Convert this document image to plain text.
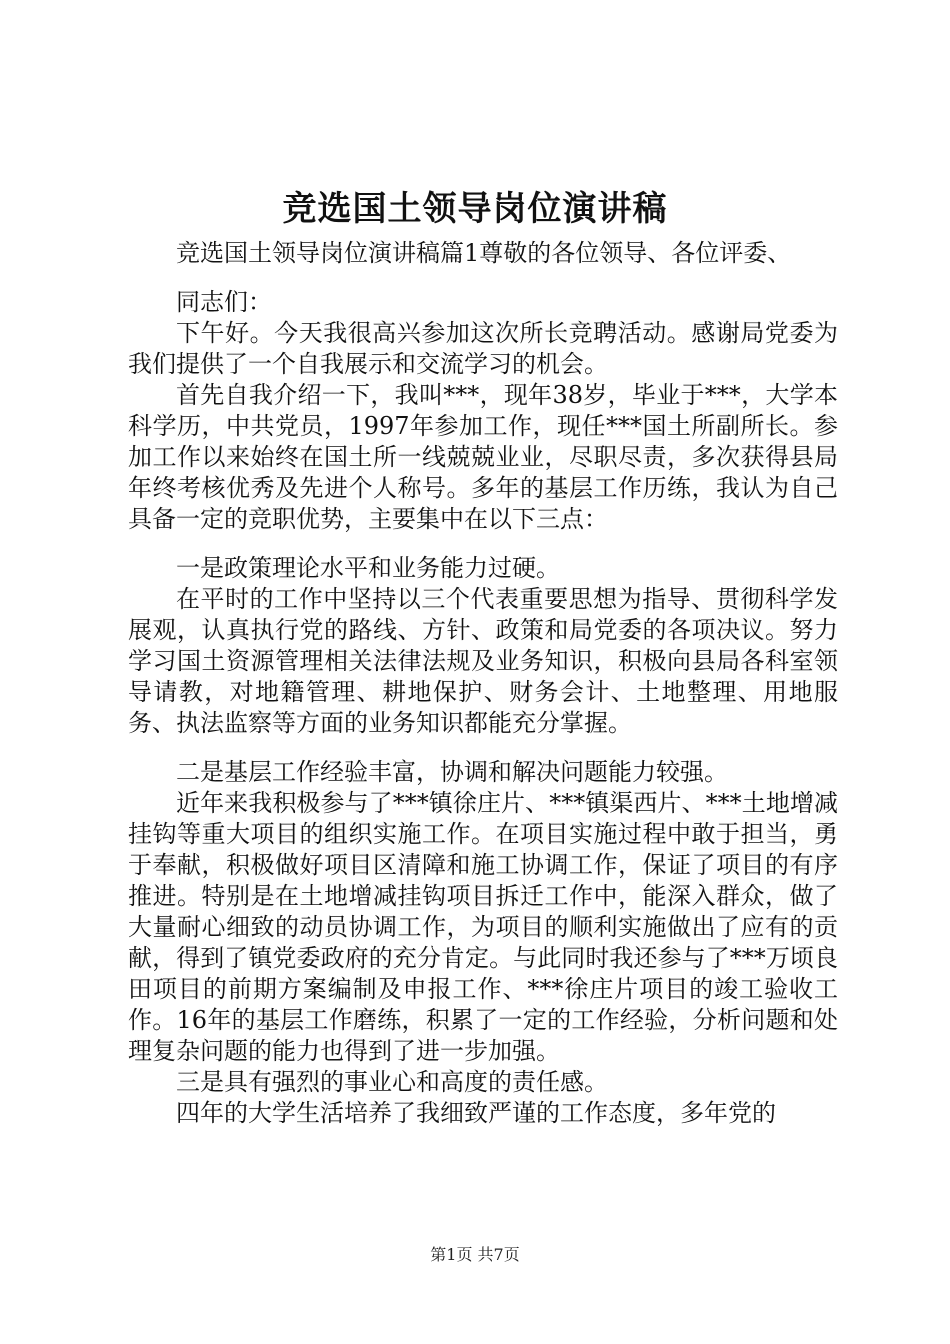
竞选国土领导岗位演讲稿

竞选国土领导岗位演讲稿篇1尊敬的各位领导、各位评委、

同志们：

下午好。今天我很高兴参加这次所长竞聘活动。感谢局党委为我们提供了一个自我展示和交流学习的机会。

首先自我介绍一下，我叫***，现年38岁，毕业于***，大学本科学历，中共党员，1997年参加工作，现任***国土所副所长。参加工作以来始终在国土所一线兢兢业业，尽职尽责，多次获得县局年终考核优秀及先进个人称号。多年的基层工作历练，我认为自己具备一定的竞职优势，主要集中在以下三点：

一是政策理论水平和业务能力过硬。

在平时的工作中坚持以三个代表重要思想为指导、贯彻科学发展观，认真执行党的路线、方针、政策和局党委的各项决议。努力学习国土资源管理相关法律法规及业务知识，积极向县局各科室领导请教，对地籍管理、耕地保护、财务会计、土地整理、用地服务、执法监察等方面的业务知识都能充分掌握。

二是基层工作经验丰富，协调和解决问题能力较强。

近年来我积极参与了***镇徐庄片、***镇渠西片、***土地增减挂钩等重大项目的组织实施工作。在项目实施过程中敢于担当，勇于奉献，积极做好项目区清障和施工协调工作，保证了项目的有序推进。特别是在土地增减挂钩项目拆迁工作中，能深入群众，做了大量耐心细致的动员协调工作，为项目的顺利实施做出了应有的贡献，得到了镇党委政府的充分肯定。与此同时我还参与了***万顷良田项目的前期方案编制及申报工作、***徐庄片项目的竣工验收工作。16年的基层工作磨练，积累了一定的工作经验，分析问题和处理复杂问题的能力也得到了进一步加强。

三是具有强烈的事业心和高度的责任感。

四年的大学生活培养了我细致严谨的工作态度，多年党的

第1页 共7页
